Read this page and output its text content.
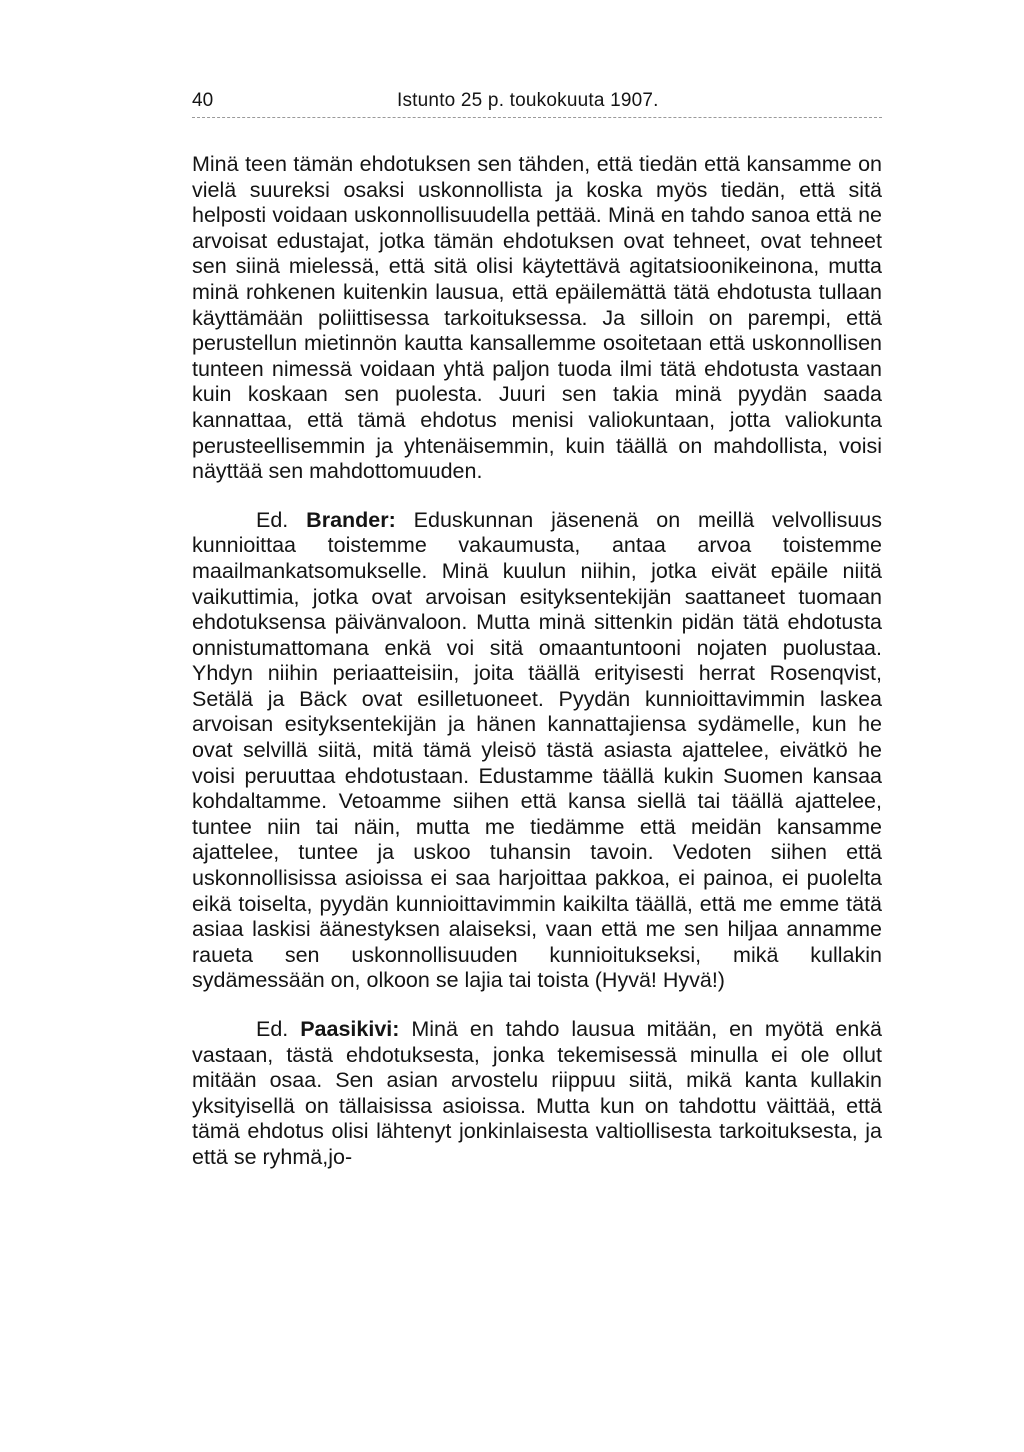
40	Istunto 25 p. toukokuuta 1907.

Minä teen tämän ehdotuksen sen tähden, että tiedän että kansamme on vielä suureksi osaksi uskonnollista ja koska myös tiedän, että sitä helposti voidaan uskonnollisuudella pettää. Minä en tahdo sanoa että ne arvoisat edustajat, jotka tämän ehdotuksen ovat tehneet, ovat tehneet sen siinä mielessä, että sitä olisi käytettävä agitatsioonikeinona, mutta minä rohkenen kuitenkin lausua, että epäilemättä tätä ehdotusta tullaan käyttämään poliittisessa tarkoituksessa. Ja silloin on parempi, että perustellun mietinnön kautta kansallemme osoitetaan että uskonnollisen tunteen nimessä voidaan yhtä paljon tuoda ilmi tätä ehdotusta vastaan kuin koskaan sen puolesta. Juuri sen takia minä pyydän saada kannattaa, että tämä ehdotus menisi valiokuntaan, jotta valiokunta perusteellisemmin ja yhtenäisemmin, kuin täällä on mahdollista, voisi näyttää sen mahdottomuuden.

Ed. Brander: Eduskunnan jäsenenä on meillä velvollisuus kunnioittaa toistemme vakaumusta, antaa arvoa toistemme maailmankatsomukselle. Minä kuulun niihin, jotka eivät epäile niitä vaikuttimia, jotka ovat arvoisan esityksentekijän saattaneet tuomaan ehdotuksensa päivänvaloon. Mutta minä sittenkin pidän tätä ehdotusta onnistumattomana enkä voi sitä omaantuntooni nojaten puolustaa. Yhdyn niihin periaatteisiin, joita täällä erityisesti herrat Rosenqvist, Setälä ja Bäck ovat esilletuoneet. Pyydän kunnioittavimmin laskea arvoisan esityksentekijän ja hänen kannattajiensa sydämelle, kun he ovat selvillä siitä, mitä tämä yleisö tästä asiasta ajattelee, eivätkö he voisi peruuttaa ehdotustaan. Edustamme täällä kukin Suomen kansaa kohdaltamme. Vetoamme siihen että kansa siellä tai täällä ajattelee, tuntee niin tai näin, mutta me tiedämme että meidän kansamme ajattelee, tuntee ja uskoo tuhansin tavoin. Vedoten siihen että uskonnollisissa asioissa ei saa harjoittaa pakkoa, ei painoa, ei puolelta eikä toiselta, pyydän kunnioittavimmin kaikilta täällä, että me emme tätä asiaa laskisi äänestyksen alaiseksi, vaan että me sen hiljaa annamme raueta sen uskonnollisuuden kunnioitukseksi, mikä kullakin sydämessään on, olkoon se lajia tai toista (Hyvä! Hyvä!)

Ed. Paasikivi: Minä en tahdo lausua mitään, en myötä enkä vastaan, tästä ehdotuksesta, jonka tekemisessä minulla ei ole ollut mitään osaa. Sen asian arvostelu riippuu siitä, mikä kanta kullakin yksityisellä on tällaisissa asioissa. Mutta kun on tahdottu väittää, että tämä ehdotus olisi lähtenyt jonkinlaisesta valtiollisesta tarkoituksesta, ja että se ryhmä,jo-
